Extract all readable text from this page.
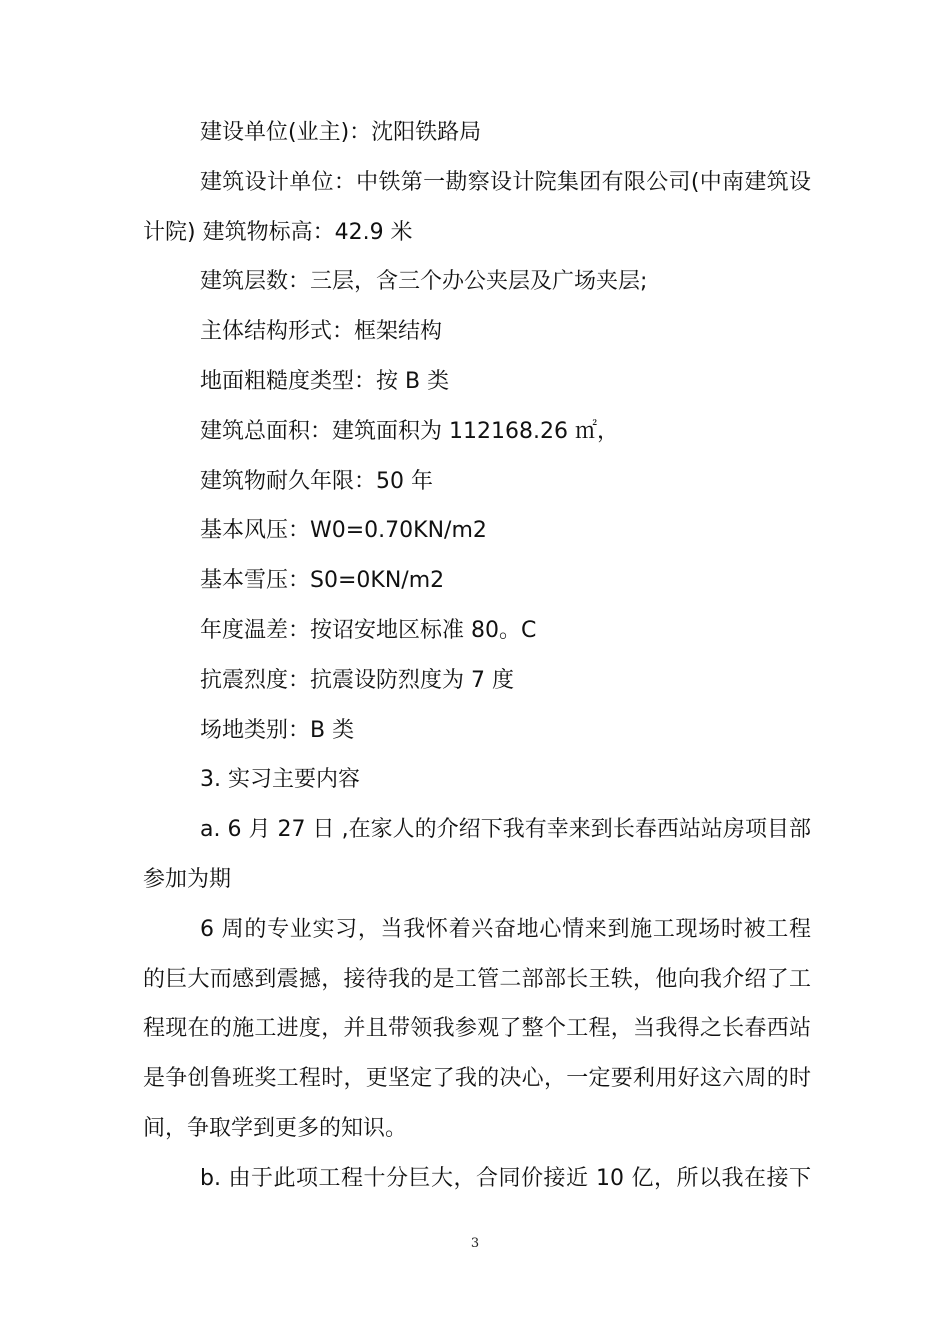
建设单位(业主)：沈阳铁路局
建筑设计单位：中铁第一勘察设计院集团有限公司(中南建筑设
计院) 建筑物标高：42.9 米
建筑层数：三层，含三个办公夹层及广场夹层;
主体结构形式：框架结构
地面粗糙度类型：按 B 类
建筑总面积：建筑面积为 112168.26 ㎡，
建筑物耐久年限：50 年
基本风压：W0=0.70KN/m2
基本雪压：S0=0KN/m2
年度温差：按诏安地区标准 80。C
抗震烈度：抗震设防烈度为 7 度
场地类别：B 类
3. 实习主要内容
a. 6 月 27 日 ,在家人的介绍下我有幸来到长春西站站房项目部
参加为期
6 周的专业实习，当我怀着兴奋地心情来到施工现场时被工程
的巨大而感到震撼，接待我的是工管二部部长王轶，他向我介绍了工
程现在的施工进度，并且带领我参观了整个工程，当我得之长春西站
是争创鲁班奖工程时，更坚定了我的决心，一定要利用好这六周的时
间，争取学到更多的知识。
b. 由于此项工程十分巨大，合同价接近 10 亿，所以我在接下
3
